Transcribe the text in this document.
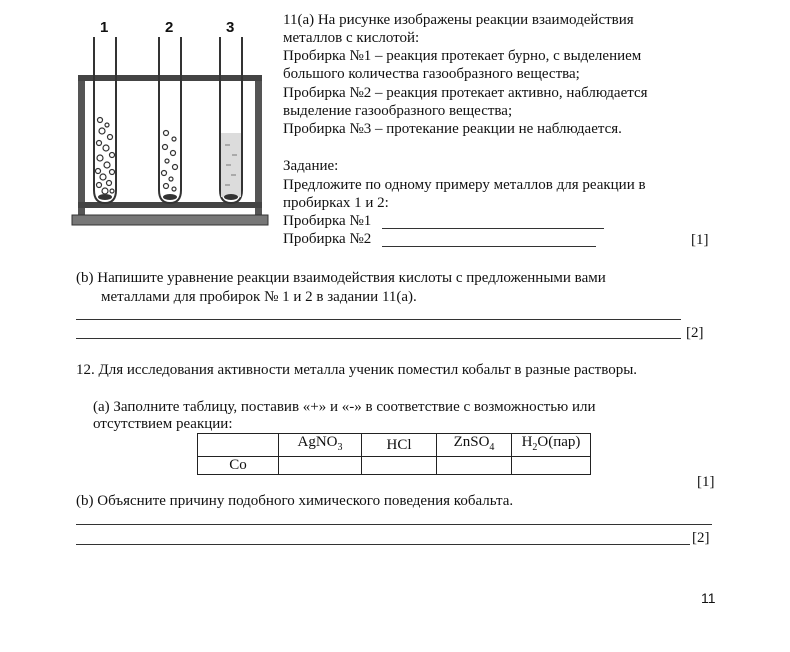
1	2	3	11(a) На рисунке изображены реакции взаимодействия
металлов с кислотой:
Пробирка №1 – реакция протекает бурно, с выделением
большого количества газообразного вещества;
Пробирка №2 – реакция протекает активно, наблюдается
выделение газообразного вещества;
Пробирка №3 – протекание реакции не наблюдается.
Задание:
Предложите по одному примеру металлов для реакции в
пробирках 1 и 2:
Пробирка №1
Пробирка №2	[1]
(b) Напишите уравнение реакции взаимодействия кислоты с предложенными вами
металлами для пробирок № 1 и 2 в задании 11(а).
[2]
12. Для исследования активности металла ученик поместил кобальт в разные растворы.
(а) Заполните таблицу, поставив «+» и «-» в соответствие с возможностью или
отсутствием реакции:
	AgNO$_3$	HCl	ZnSO$_4$	$H_2O(пар)$
Co				
[1]
(b) Объясните причину подобного химического поведения кобальта.
[2]
11
